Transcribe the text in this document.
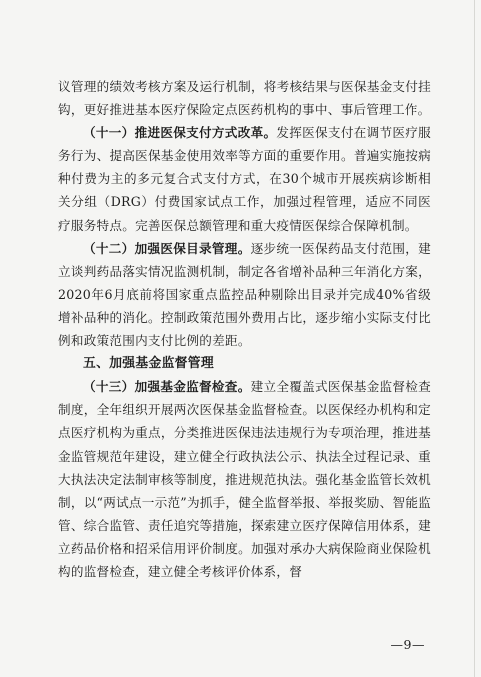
议管理的绩效考核方案及运行机制，将考核结果与医保基金支付挂钩，更好推进基本医疗保险定点医药机构的事中、事后管理工作。

（十一）推进医保支付方式改革。发挥医保支付在调节医疗服务行为、提高医保基金使用效率等方面的重要作用。普遍实施按病种付费为主的多元复合式支付方式，在30个城市开展疾病诊断相关分组（DRG）付费国家试点工作，加强过程管理，适应不同医疗服务特点。完善医保总额管理和重大疫情医保综合保障机制。

（十二）加强医保目录管理。逐步统一医保药品支付范围，建立谈判药品落实情况监测机制，制定各省增补品种三年消化方案，2020年6月底前将国家重点监控品种剔除出目录并完成40%省级增补品种的消化。控制政策范围外费用占比，逐步缩小实际支付比例和政策范围内支付比例的差距。

五、加强基金监督管理

（十三）加强基金监督检查。建立全覆盖式医保基金监督检查制度，全年组织开展两次医保基金监督检查。以医保经办机构和定点医疗机构为重点，分类推进医保违法违规行为专项治理，推进基金监管规范年建设，建立健全行政执法公示、执法全过程记录、重大执法决定法制审核等制度，推进规范执法。强化基金监管长效机制，以“两试点一示范”为抓手，健全监督举报、举报奖励、智能监管、综合监管、责任追究等措施，探索建立医疗保障信用体系，建立药品价格和招采信用评价制度。加强对承办大病保险商业保险机构的监督检查，建立健全考核评价体系，督

—9—
